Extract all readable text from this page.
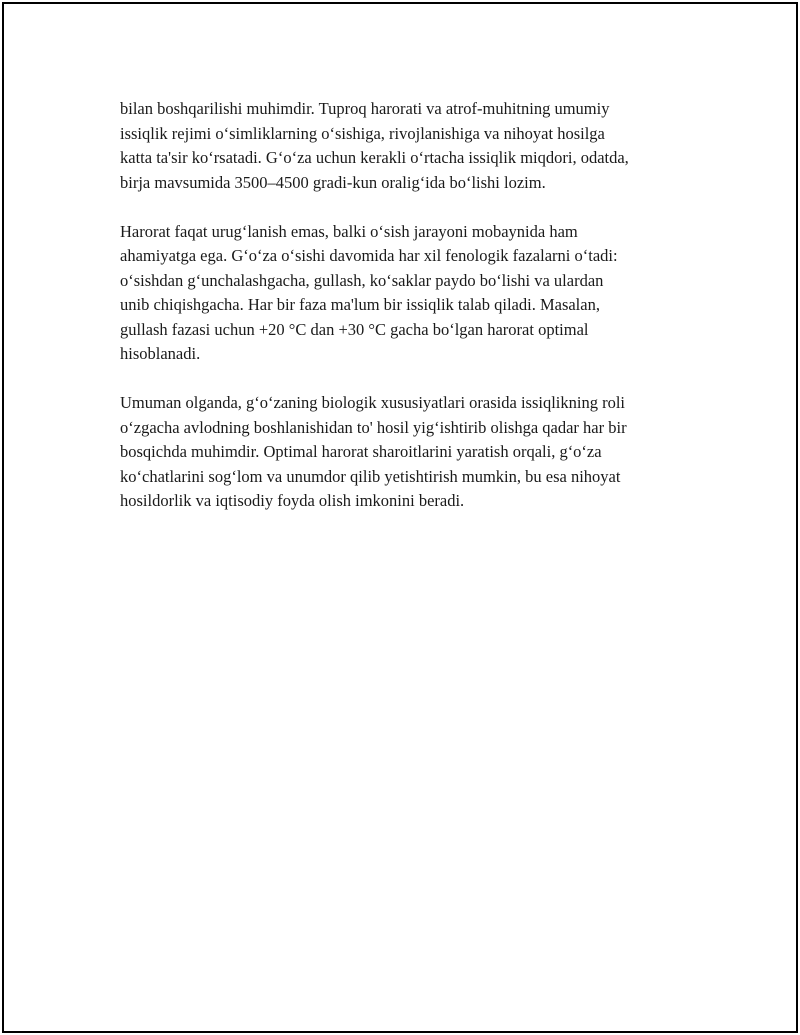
bilan boshqarilishi muhimdir. Tuproq harorati va atrof-muhitning umumiy
issiqlik rejimi o‘simliklarning o‘sishiga, rivojlanishiga va nihoyat hosilga
katta ta'sir ko‘rsatadi. G‘o‘za uchun kerakli o‘rtacha issiqlik miqdori, odatda,
birja mavsumida 3500–4500 gradi-kun oralig‘ida bo‘lishi lozim.

Harorat faqat urug‘lanish emas, balki o‘sish jarayoni mobaynida ham
ahamiyatga ega. G‘o‘za o‘sishi davomida har xil fenologik fazalarni o‘tadi:
o‘sishdan g‘unchalashgacha, gullash, ko‘saklar paydo bo‘lishi va ulardan
unib chiqishgacha. Har bir faza ma'lum bir issiqlik talab qiladi. Masalan,
gullash fazasi uchun +20 °C dan +30 °C gacha bo‘lgan harorat optimal
hisoblanadi.

Umuman olganda, g‘o‘zaning biologik xususiyatlari orasida issiqlikning roli
o‘zgacha avlodning boshlanishidan to' hosil yig‘ishtirib olishga qadar har bir
bosqichda muhimdir. Optimal harorat sharoitlarini yaratish orqali, g‘o‘za
ko‘chatlarini sog‘lom va unumdor qilib yetishtirish mumkin, bu esa nihoyat
hosildorlik va iqtisodiy foyda olish imkonini beradi.
